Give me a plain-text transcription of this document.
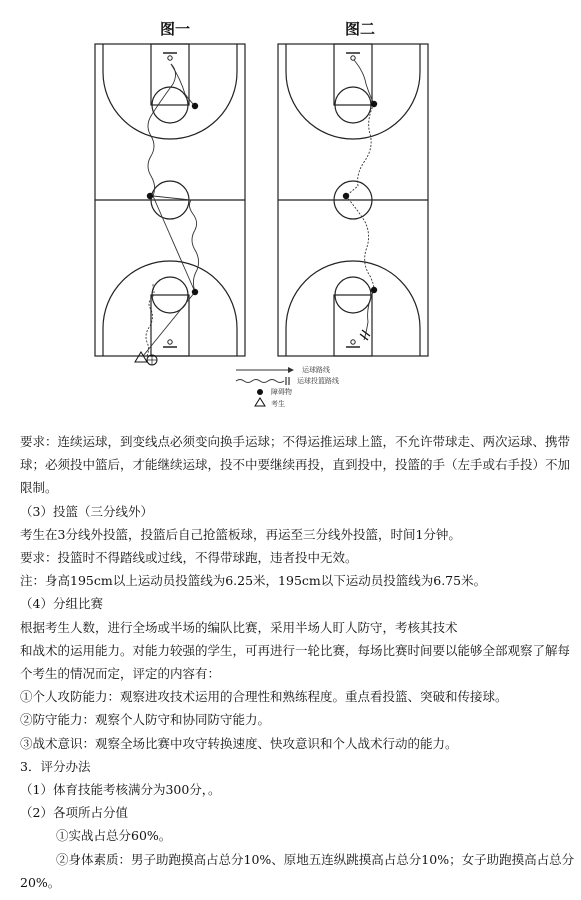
图一	图二
运球路线
运球投篮路线
障碍物
考生

要求：连续运球，到变线点必须变向换手运球；不得运推运球上篮，不允许带球走、两次运球、携带球；必须投中篮后，才能继续运球，投不中要继续再投，直到投中，投篮的手（左手或右手投）不加限制。

（3）投篮（三分线外）

考生在3分线外投篮，投篮后自己抢篮板球，再运至三分线外投篮，时间1分钟。

要求：投篮时不得踏线或过线，不得带球跑，违者投中无效。

注：身高195cm以上运动员投篮线为6.25米，195cm以下运动员投篮线为6.75米。

（4）分组比赛

根据考生人数，进行全场或半场的编队比赛，采用半场人盯人防守，考核其技术

和战术的运用能力。对能力较强的学生，可再进行一轮比赛，每场比赛时间要以能够全部观察了解每个考生的情况而定，评定的内容有：

①个人攻防能力：观察进攻技术运用的合理性和熟练程度。重点看投篮、突破和传接球。

②防守能力：观察个人防守和协同防守能力。

③战术意识：观察全场比赛中攻守转换速度、快攻意识和个人战术行动的能力。

3．评分办法

（1）体育技能考核满分为300分，。

（2）各项所占分值

①实战占总分60%。

②身体素质：男子助跑摸高占总分10%、原地五连纵跳摸高占总分10%；女子助跑摸高占总分20%。
